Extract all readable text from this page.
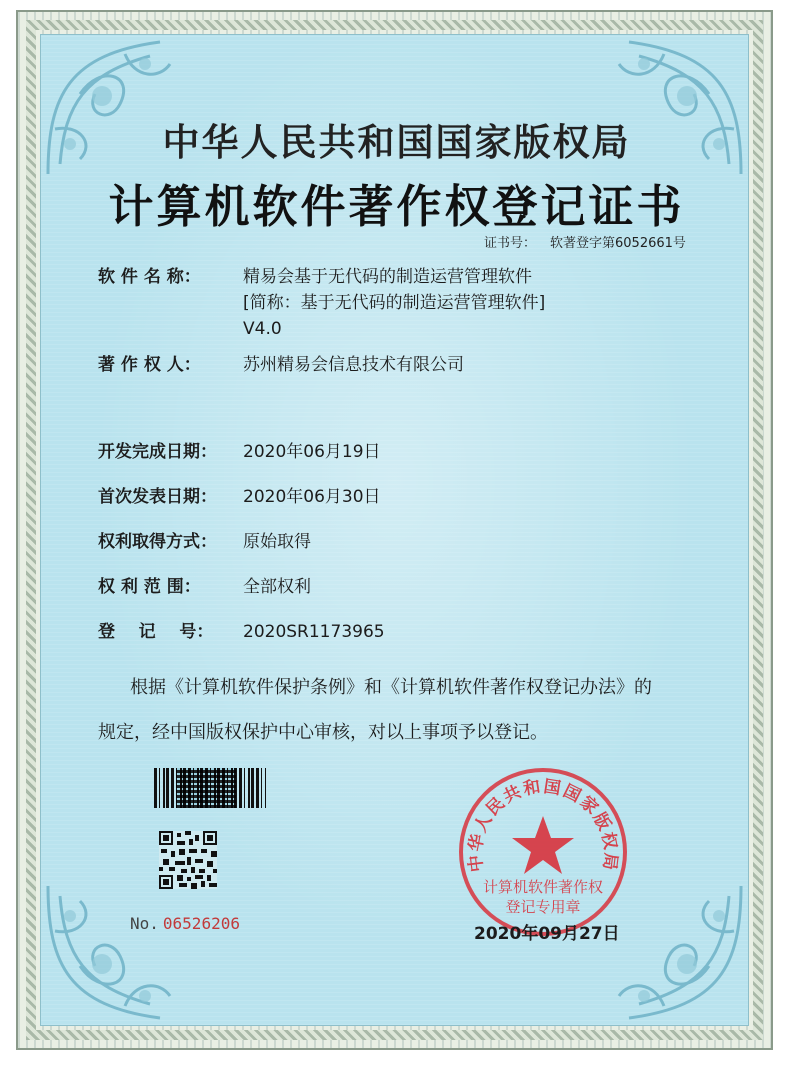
中华人民共和国国家版权局
计算机软件著作权登记证书
证书号： 软著登字第6052661号
软 件 名 称：	精易会基于无代码的制造运营管理软件
[简称：基于无代码的制造运营管理软件]
V4.0
著 作 权 人：	苏州精易会信息技术有限公司
开发完成日期：	2020年06月19日
首次发表日期：	2020年06月30日
权利取得方式：	原始取得
权 利 范 围：	全部权利
登    记    号：	2020SR1173965
根据《计算机软件保护条例》和《计算机软件著作权登记办法》的
规定，经中国版权保护中心审核，对以上事项予以登记。
No. 06526206
中华人民共和国国家版权局
计算机软件著作权
登记专用章
2020年09月27日
